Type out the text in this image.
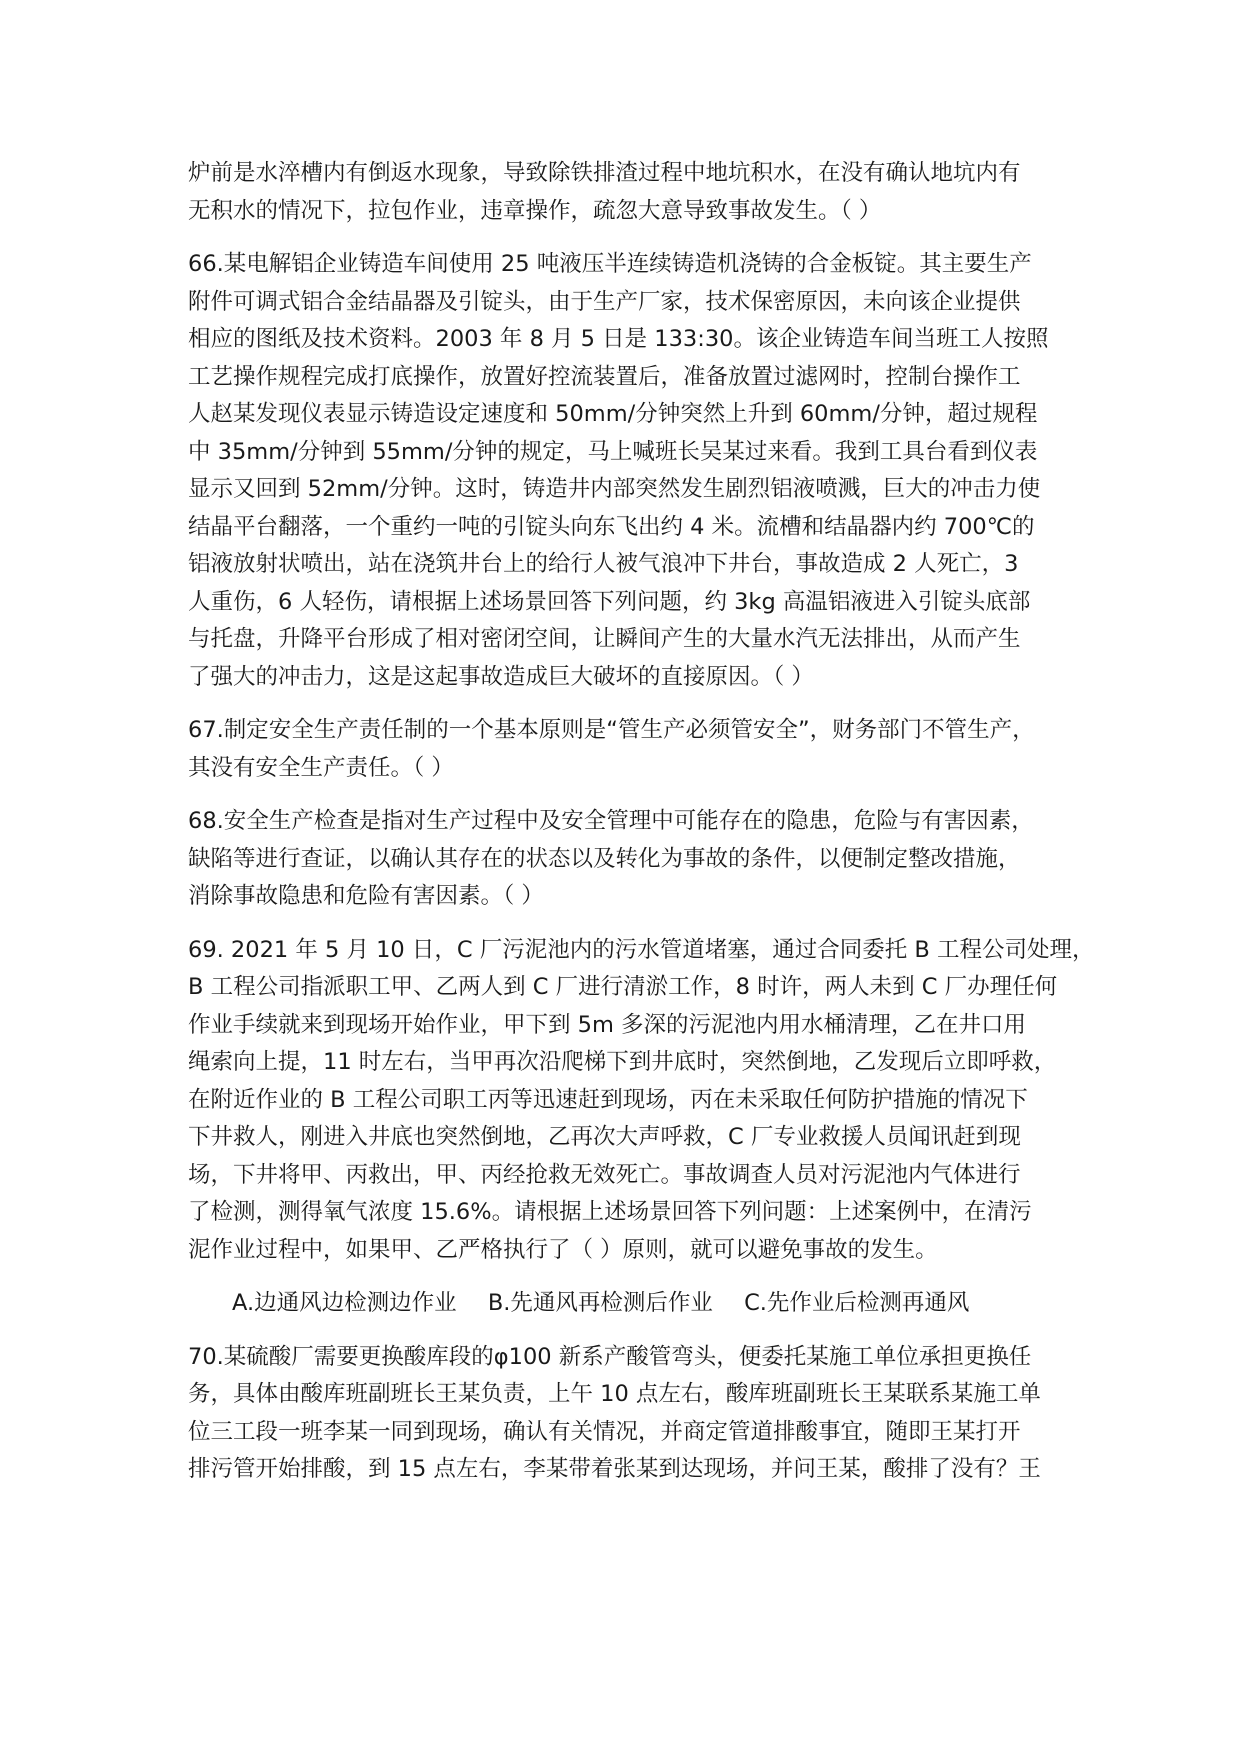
炉前是水淬槽内有倒返水现象，导致除铁排渣过程中地坑积水，在没有确认地坑内有
无积水的情况下，拉包作业，违章操作，疏忽大意导致事故发生。（ ）
66.某电解铝企业铸造车间使用 25 吨液压半连续铸造机浇铸的合金板锭。其主要生产
附件可调式铝合金结晶器及引锭头，由于生产厂家，技术保密原因，未向该企业提供
相应的图纸及技术资料。2003 年 8 月 5 日是 133:30。该企业铸造车间当班工人按照
工艺操作规程完成打底操作，放置好控流装置后，准备放置过滤网时，控制台操作工
人赵某发现仪表显示铸造设定速度和 50mm/分钟突然上升到 60mm/分钟，超过规程
中 35mm/分钟到 55mm/分钟的规定，马上喊班长吴某过来看。我到工具台看到仪表
显示又回到 52mm/分钟。这时，铸造井内部突然发生剧烈铝液喷溅，巨大的冲击力使
结晶平台翻落，一个重约一吨的引锭头向东飞出约 4 米。流槽和结晶器内约 700℃的
铝液放射状喷出，站在浇筑井台上的给行人被气浪冲下井台，事故造成 2 人死亡，3
人重伤，6 人轻伤，请根据上述场景回答下列问题，约 3kg 高温铝液进入引锭头底部
与托盘，升降平台形成了相对密闭空间，让瞬间产生的大量水汽无法排出，从而产生
了强大的冲击力，这是这起事故造成巨大破坏的直接原因。（ ）
67.制定安全生产责任制的一个基本原则是“管生产必须管安全”，财务部门不管生产，
其没有安全生产责任。（ ）
68.安全生产检查是指对生产过程中及安全管理中可能存在的隐患，危险与有害因素，
缺陷等进行查证，以确认其存在的状态以及转化为事故的条件，以便制定整改措施，
消除事故隐患和危险有害因素。（ ）
69. 2021 年 5 月 10 日，C 厂污泥池内的污水管道堵塞，通过合同委托 B 工程公司处理，
B 工程公司指派职工甲、乙两人到 C 厂进行清淤工作，8 时许，两人未到 C 厂办理任何
作业手续就来到现场开始作业，甲下到 5m 多深的污泥池内用水桶清理，乙在井口用
绳索向上提，11 时左右，当甲再次沿爬梯下到井底时，突然倒地，乙发现后立即呼救，
在附近作业的 B 工程公司职工丙等迅速赶到现场，丙在未采取任何防护措施的情况下
下井救人，刚进入井底也突然倒地，乙再次大声呼救，C 厂专业救援人员闻讯赶到现
场，下井将甲、丙救出，甲、丙经抢救无效死亡。事故调查人员对污泥池内气体进行
了检测，测得氧气浓度 15.6%。请根据上述场景回答下列问题：上述案例中，在清污
泥作业过程中，如果甲、乙严格执行了（ ）原则，就可以避免事故的发生。
A.边通风边检测边作业 B.先通风再检测后作业 C.先作业后检测再通风
70.某硫酸厂需要更换酸库段的φ100 新系产酸管弯头，便委托某施工单位承担更换任
务，具体由酸库班副班长王某负责，上午 10 点左右，酸库班副班长王某联系某施工单
位三工段一班李某一同到现场，确认有关情况，并商定管道排酸事宜，随即王某打开
排污管开始排酸，到 15 点左右，李某带着张某到达现场，并问王某，酸排了没有？王
